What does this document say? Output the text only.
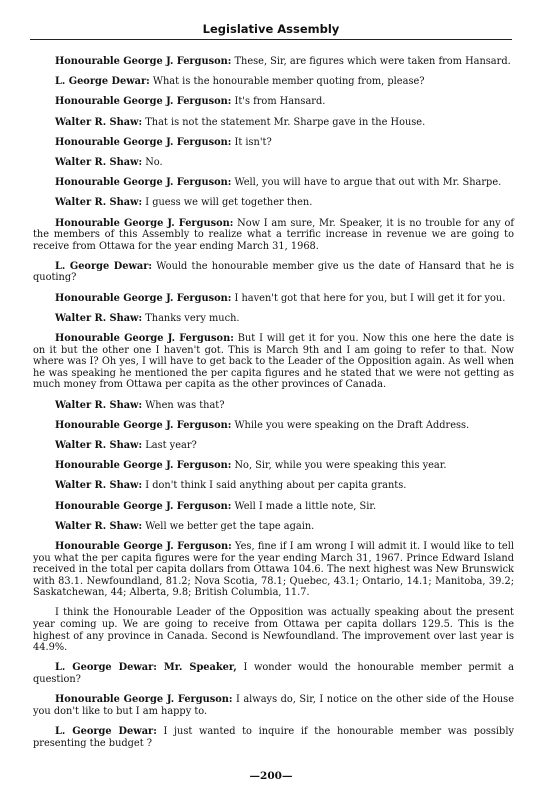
Legislative Assembly

Honourable George J. Ferguson: These, Sir, are figures which were taken from Hansard.

L. George Dewar: What is the honourable member quoting from, please?

Honourable George J. Ferguson: It's from Hansard.

Walter R. Shaw: That is not the statement Mr. Sharpe gave in the House.

Honourable George J. Ferguson: It isn't?

Walter R. Shaw: No.

Honourable George J. Ferguson: Well, you will have to argue that out with Mr. Sharpe.

Walter R. Shaw: I guess we will get together then.

Honourable George J. Ferguson: Now I am sure, Mr. Speaker, it is no trouble for any of the members of this Assembly to realize what a terrific increase in revenue we are going to receive from Ottawa for the year ending March 31, 1968.

L. George Dewar: Would the honourable member give us the date of Hansard that he is quoting?

Honourable George J. Ferguson: I haven't got that here for you, but I will get it for you.

Walter R. Shaw: Thanks very much.

Honourable George J. Ferguson: But I will get it for you. Now this one here the date is on it but the other one I haven't got. This is March 9th and I am going to refer to that. Now where was I? Oh yes, I will have to get back to the Leader of the Opposition again. As well when he was speaking he mentioned the per capita figures and he stated that we were not getting as much money from Ottawa per capita as the other provinces of Canada.

Walter R. Shaw: When was that?

Honourable George J. Ferguson: While you were speaking on the Draft Address.

Walter R. Shaw: Last year?

Honourable George J. Ferguson: No, Sir, while you were speaking this year.

Walter R. Shaw: I don't think I said anything about per capita grants.

Honourable George J. Ferguson: Well I made a little note, Sir.

Walter R. Shaw: Well we better get the tape again.

Honourable George J. Ferguson: Yes, fine if I am wrong I will admit it. I would like to tell you what the per capita figures were for the year ending March 31, 1967. Prince Edward Island received in the total per capita dollars from Ottawa 104.6. The next highest was New Brunswick with 83.1. Newfoundland, 81.2; Nova Scotia, 78.1; Quebec, 43.1; Ontario, 14.1; Manitoba, 39.2; Saskatchewan, 44; Alberta, 9.8; British Columbia, 11.7.

I think the Honourable Leader of the Opposition was actually speaking about the present year coming up. We are going to receive from Ottawa per capita dollars 129.5. This is the highest of any province in Canada. Second is Newfoundland. The improvement over last year is 44.9%.

L. George Dewar: Mr. Speaker, I wonder would the honourable member permit a question?

Honourable George J. Ferguson: I always do, Sir, I notice on the other side of the House you don't like to but I am happy to.

L. George Dewar: I just wanted to inquire if the honourable member was possibly presenting the budget ?

—200—
